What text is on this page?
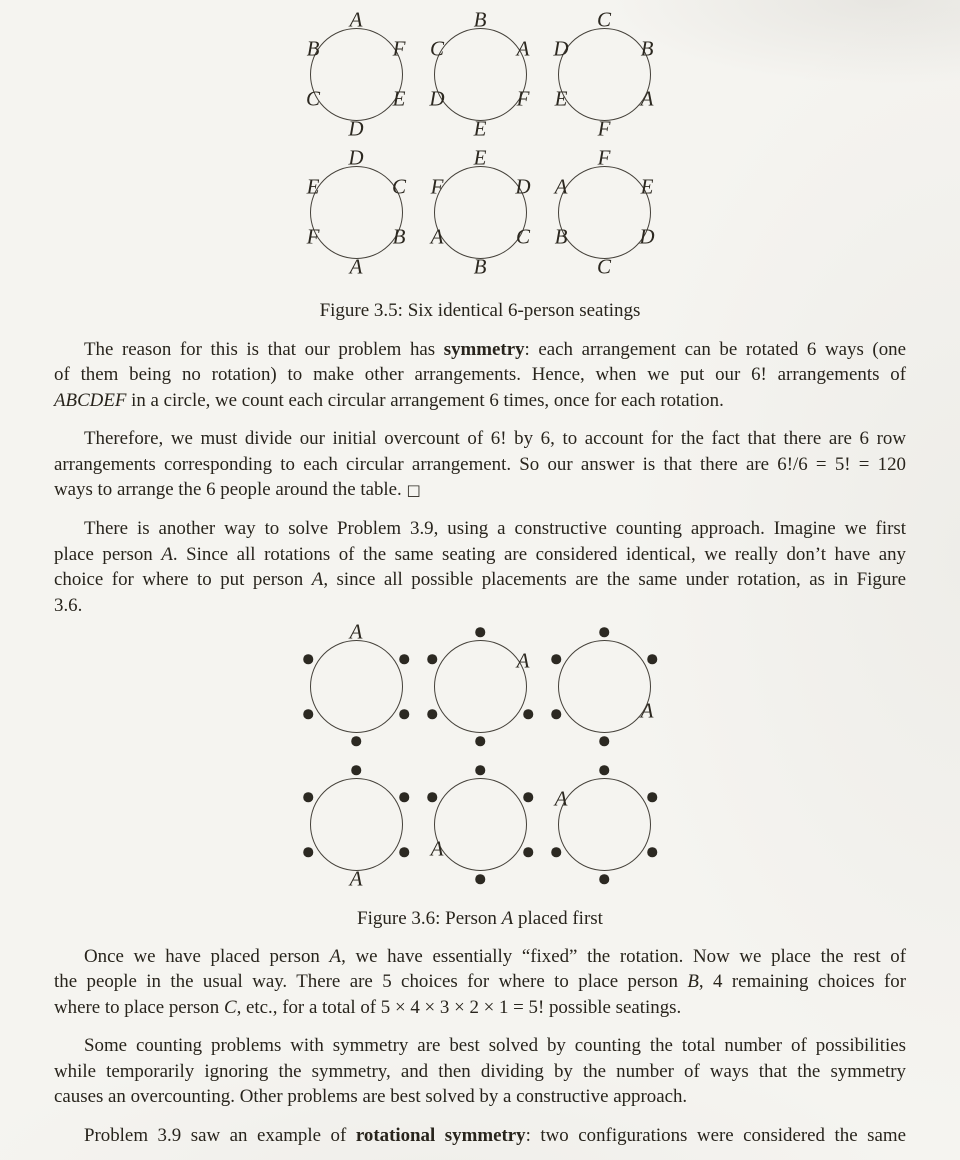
A
F
E
D
C
B
B
A
F
E
D
C
C
B
A
F
E
D
D
C
B
A
F
E
E
D
C
B
A
F
F
E
D
C
B
A
Figure 3.5: Six identical 6-person seatings
The reason for this is that our problem has symmetry: each arrangement can be rotated 6 ways (one
of them being no rotation) to make other arrangements. Hence, when we put our 6! arrangements of
ABCDEF in a circle, we count each circular arrangement 6 times, once for each rotation.
Therefore, we must divide our initial overcount of 6! by 6, to account for the fact that there are 6 row
arrangements corresponding to each circular arrangement. So our answer is that there are 6!/6 = 5! = 120
ways to arrange the 6 people around the table. □
There is another way to solve Problem 3.9, using a constructive counting approach. Imagine we first
place person A. Since all rotations of the same seating are considered identical, we really don’t have any
choice for where to put person A, since all possible placements are the same under rotation, as in Figure
3.6.
A
A
A
A
A
A
Figure 3.6: Person A placed first
Once we have placed person A, we have essentially “fixed” the rotation. Now we place the rest of
the people in the usual way. There are 5 choices for where to place person B, 4 remaining choices for
where to place person C, etc., for a total of 5 × 4 × 3 × 2 × 1 = 5! possible seatings.
Some counting problems with symmetry are best solved by counting the total number of possibilities
while temporarily ignoring the symmetry, and then dividing by the number of ways that the symmetry
causes an overcounting. Other problems are best solved by a constructive approach.
Problem 3.9 saw an example of rotational symmetry: two configurations were considered the same
